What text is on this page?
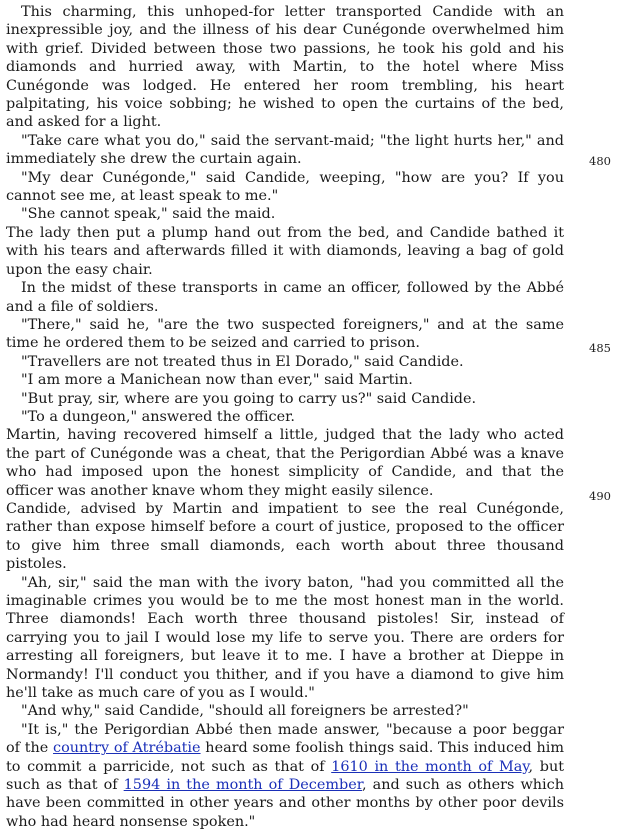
This charming, this unhoped-for letter transported Candide with an inexpressible joy, and the illness of his dear Cunégonde overwhelmed him with grief. Divided between those two passions, he took his gold and his diamonds and hurried away, with Martin, to the hotel where Miss Cunégonde was lodged. He entered her room trembling, his heart palpitating, his voice sobbing; he wished to open the curtains of the bed, and asked for a light.

"Take care what you do," said the servant-maid; "the light hurts her," and immediately she drew the curtain again.

"My dear Cunégonde," said Candide, weeping, "how are you? If you cannot see me, at least speak to me."

"She cannot speak," said the maid.

The lady then put a plump hand out from the bed, and Candide bathed it with his tears and afterwards filled it with diamonds, leaving a bag of gold upon the easy chair.

In the midst of these transports in came an officer, followed by the Abbé and a file of soldiers.

"There," said he, "are the two suspected foreigners," and at the same time he ordered them to be seized and carried to prison.

"Travellers are not treated thus in El Dorado," said Candide.

"I am more a Manichean now than ever," said Martin.

"But pray, sir, where are you going to carry us?" said Candide.

"To a dungeon," answered the officer.

Martin, having recovered himself a little, judged that the lady who acted the part of Cunégonde was a cheat, that the Perigordian Abbé was a knave who had imposed upon the honest simplicity of Candide, and that the officer was another knave whom they might easily silence.

Candide, advised by Martin and impatient to see the real Cunégonde, rather than expose himself before a court of justice, proposed to the officer to give him three small diamonds, each worth about three thousand pistoles.

"Ah, sir," said the man with the ivory baton, "had you committed all the imaginable crimes you would be to me the most honest man in the world. Three diamonds! Each worth three thousand pistoles! Sir, instead of carrying you to jail I would lose my life to serve you. There are orders for arresting all foreigners, but leave it to me. I have a brother at Dieppe in Normandy! I'll conduct you thither, and if you have a diamond to give him he'll take as much care of you as I would."

"And why," said Candide, "should all foreigners be arrested?"

"It is," the Perigordian Abbé then made answer, "because a poor beggar of the country of Atrébatie heard some foolish things said. This induced him to commit a parricide, not such as that of 1610 in the month of May, but such as that of 1594 in the month of December, and such as others which have been committed in other years and other months by other poor devils who had heard nonsense spoken."

480
485
490
